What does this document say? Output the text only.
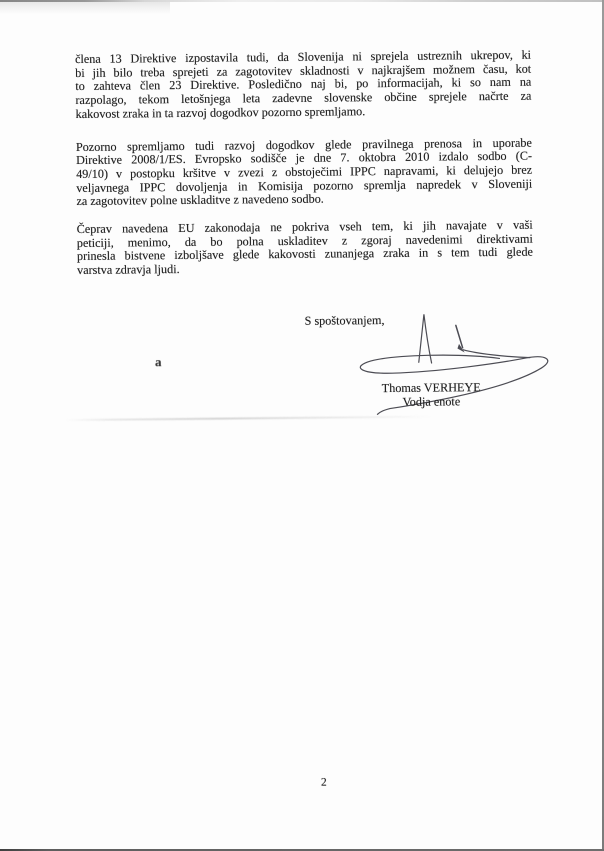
člena 13 Direktive izpostavila tudi, da Slovenija ni sprejela ustreznih ukrepov, ki
bi jih bilo treba sprejeti za zagotovitev skladnosti v najkrajšem možnem času, kot
to zahteva člen 23 Direktive. Posledično naj bi, po informacijah, ki so nam na
razpolago, tekom letošnjega leta zadevne slovenske občine sprejele načrte za
kakovost zraka in ta razvoj dogodkov pozorno spremljamo.

Pozorno spremljamo tudi razvoj dogodkov glede pravilnega prenosa in uporabe
Direktive 2008/1/ES. Evropsko sodišče je dne 7. oktobra 2010 izdalo sodbo (C-
49/10) v postopku kršitve v zvezi z obstoječimi IPPC napravami, ki delujejo brez
veljavnega IPPC dovoljenja in Komisija pozorno spremlja napredek v Sloveniji
za zagotovitev polne uskladitve z navedeno sodbo.

Čeprav navedena EU zakonodaja ne pokriva vseh tem, ki jih navajate v vaši
peticiji, menimo, da bo polna uskladitev z zgoraj navedenimi direktivami
prinesla bistvene izboljšave glede kakovosti zunanjega zraka in s tem tudi glede
varstva zdravja ljudi.

S spoštovanjem,
a
Thomas VERHEYE
Vodja enote
2
